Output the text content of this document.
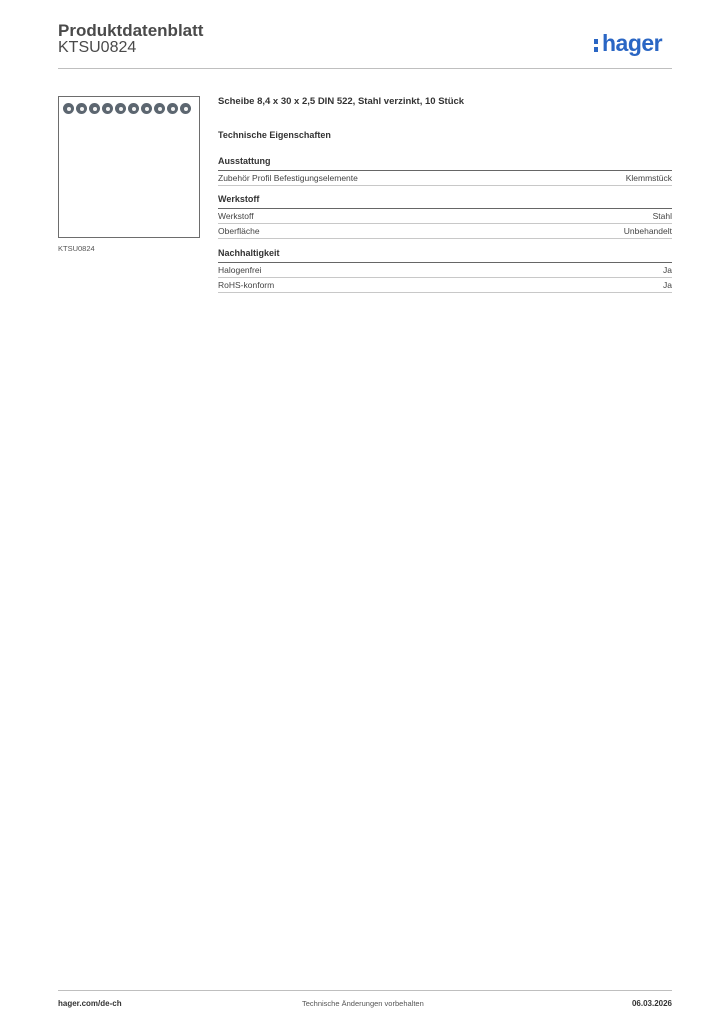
Produktdatenblatt
KTSU0824	hager
KTSU0824
Scheibe 8,4 x 30 x 2,5 DIN 522, Stahl verzinkt, 10 Stück
Technische Eigenschaften
Ausstattung
Zubehör Profil Befestigungselemente	Klemmstück
Werkstoff
Werkstoff	Stahl
Oberfläche	Unbehandelt
Nachhaltigkeit
Halogenfrei	Ja
RoHS-konform	Ja
hager.com/de-ch	Technische Änderungen vorbehalten	06.03.2026
